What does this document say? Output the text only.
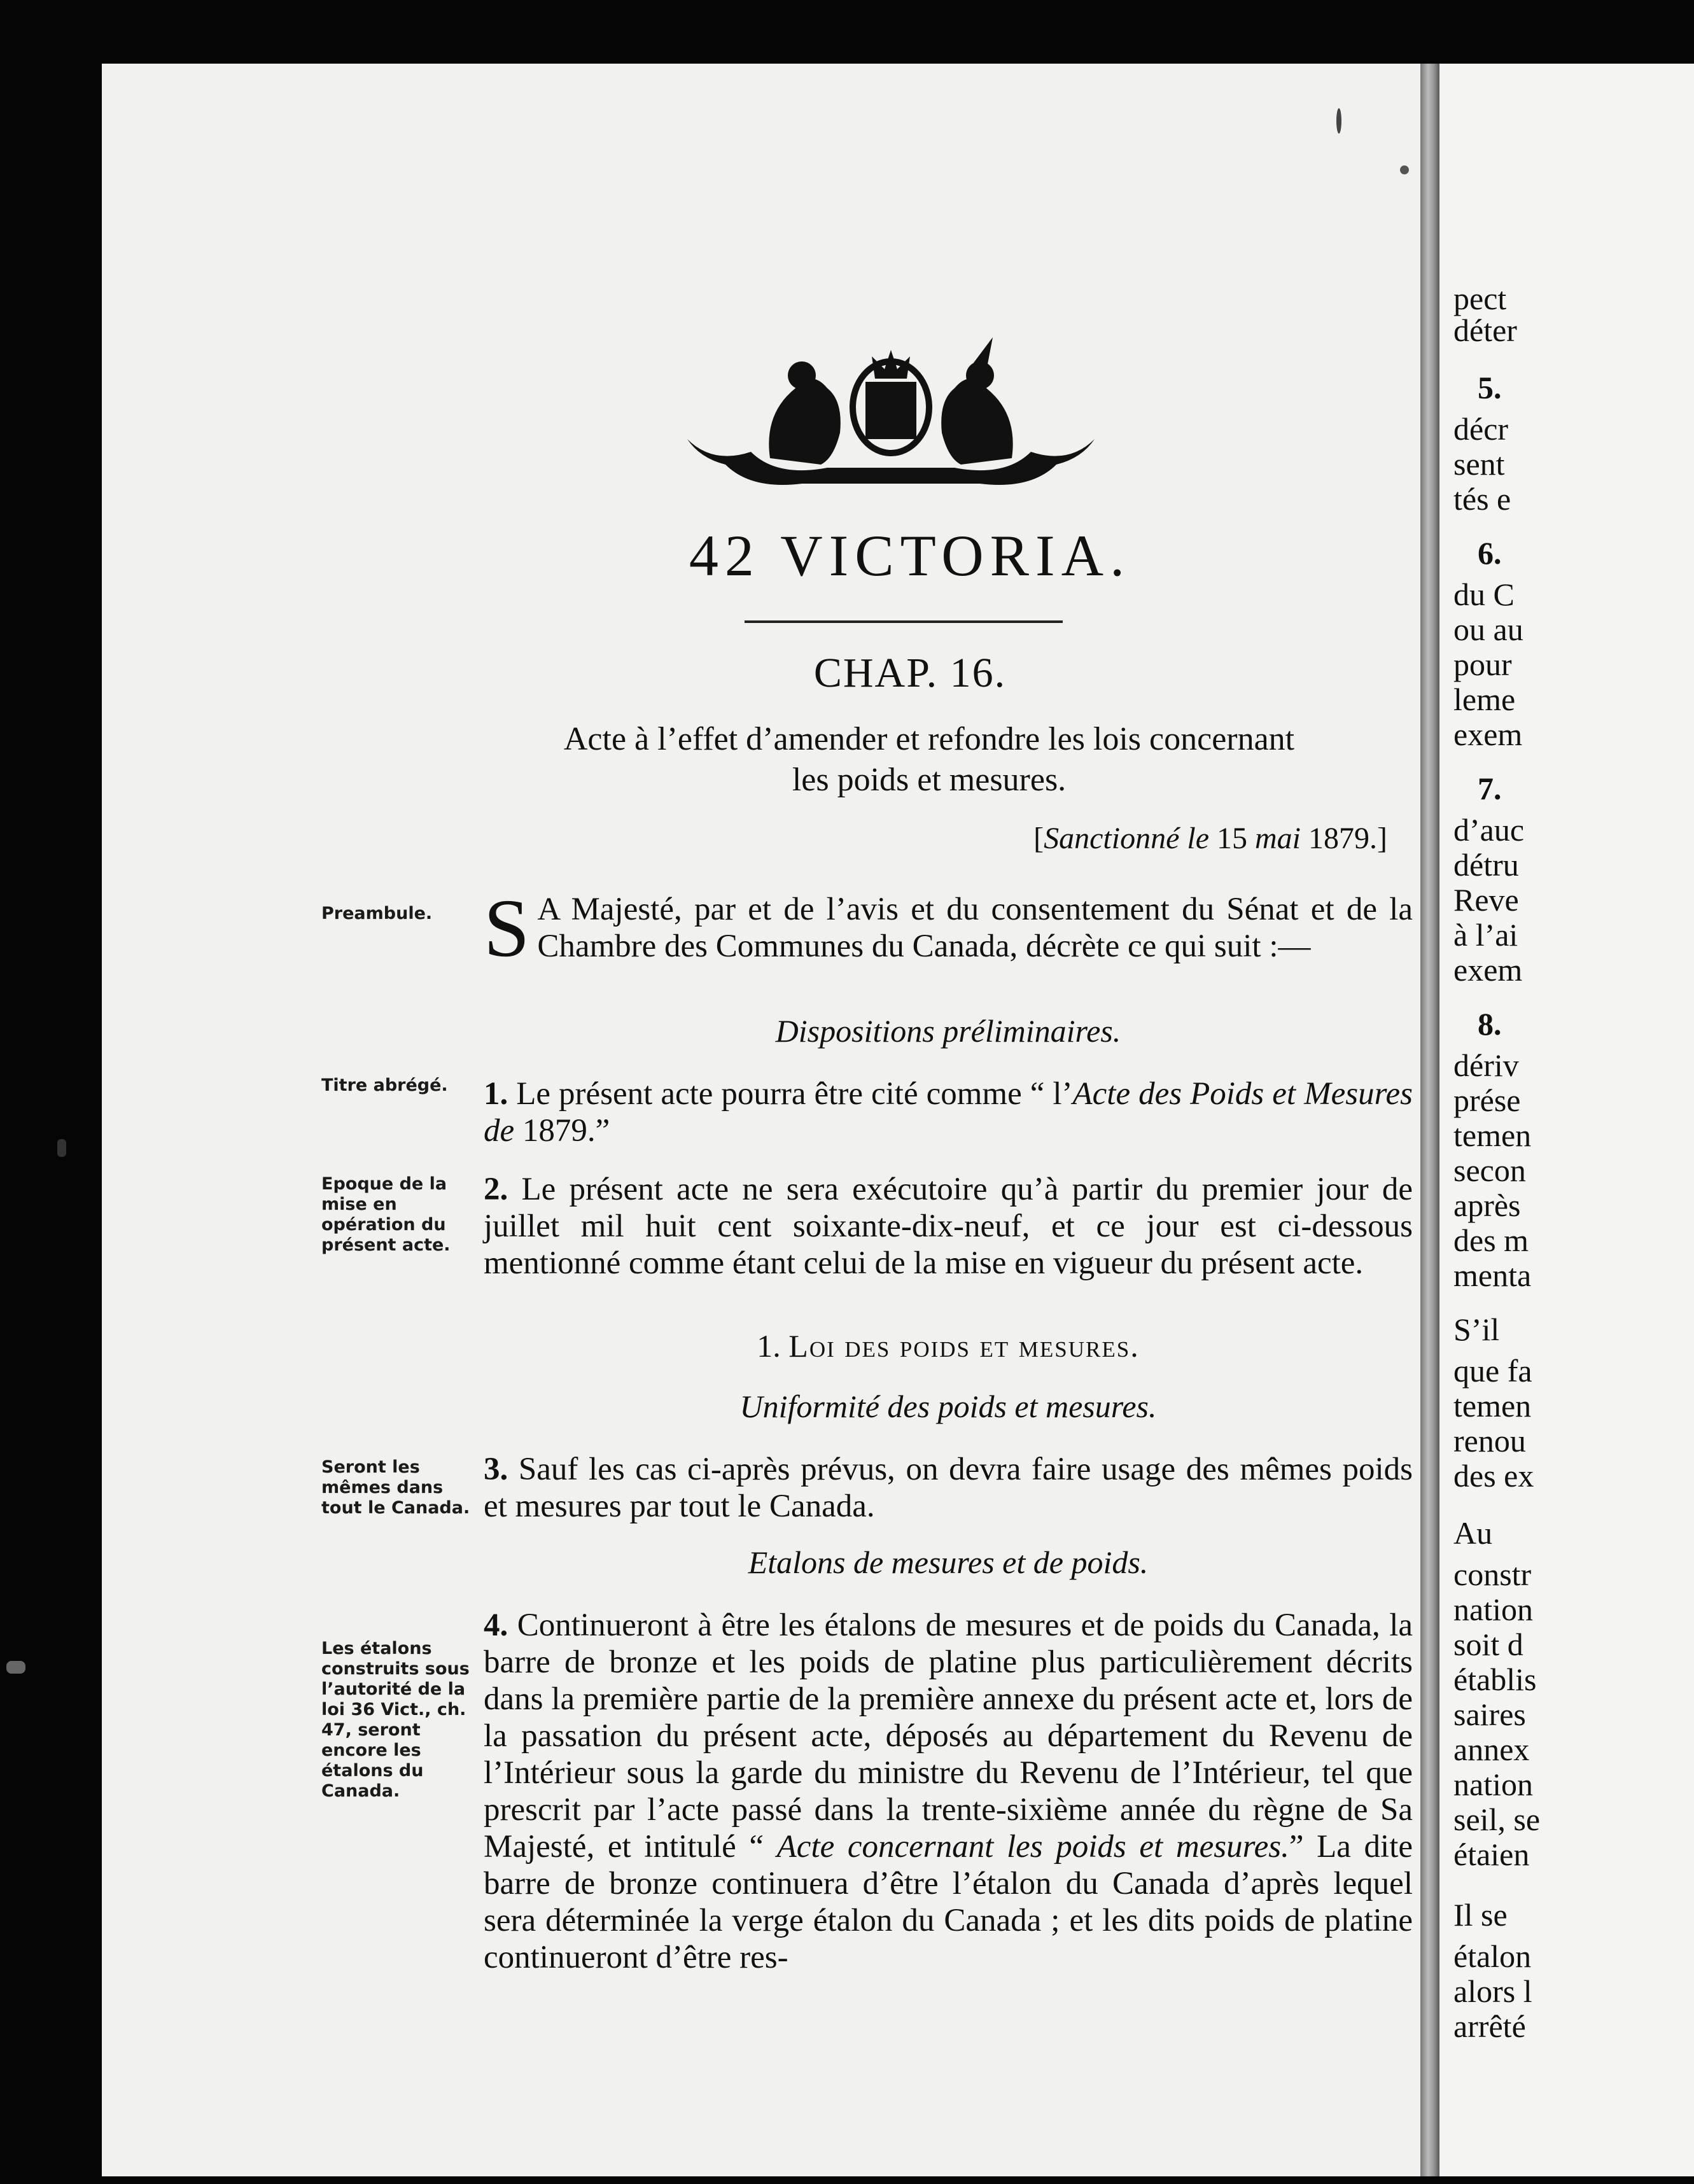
42 VICTORIA.
CHAP. 16.
Acte à l’effet d’amender et refondre les lois concernant
les poids et mesures.
[Sanctionné le 15 mai 1879.]
Preambule.
Titre abrégé.
Epoque de la mise en opération du présent acte.
Seront les mêmes dans tout le Canada.
Les étalons construits sous l’autorité de la loi 36 Vict., ch. 47, seront encore les étalons du Canada.
S A Majesté, par et de l’avis et du consentement du Sénat et de la Chambre des Communes du Canada, décrète ce qui suit :—
Dispositions préliminaires.
1. Le présent acte pourra être cité comme “ l’Acte des Poids et Mesures de 1879.”
2. Le présent acte ne sera exécutoire qu’à partir du premier jour de juillet mil huit cent soixante-dix-neuf, et ce jour est ci-dessous mentionné comme étant celui de la mise en vigueur du présent acte.
1. Loi des poids et mesures.
Uniformité des poids et mesures.
3. Sauf les cas ci-après prévus, on devra faire usage des mêmes poids et mesures par tout le Canada.
Etalons de mesures et de poids.
4. Continueront à être les étalons de mesures et de poids du Canada, la barre de bronze et les poids de platine plus particulièrement décrits dans la première partie de la première annexe du présent acte et, lors de la passation du présent acte, déposés au département du Revenu de l’Intérieur sous la garde du ministre du Revenu de l’Intérieur, tel que prescrit par l’acte passé dans la trente-sixième année du règne de Sa Majesté, et intitulé “ Acte concernant les poids et mesures.” La dite barre de bronze continuera d’être l’étalon du Canada d’après lequel sera déterminée la verge étalon du Canada ; et les dits poids de platine continueront d’être res-
pect
déter
5.
décr
sent
tés e
6.
du C
ou au
pour
leme
exem
7.
d’auc
détru
Reve
à l’ai
exem
8.
dériv
prése
temen
secon
après
des m
menta
S’il
que fa
temen
renou
des ex
Au
constr
nation
soit d
établis
saires
annex
nation
seil, se
étaien
Il se
étalon
alors l
arrêté
